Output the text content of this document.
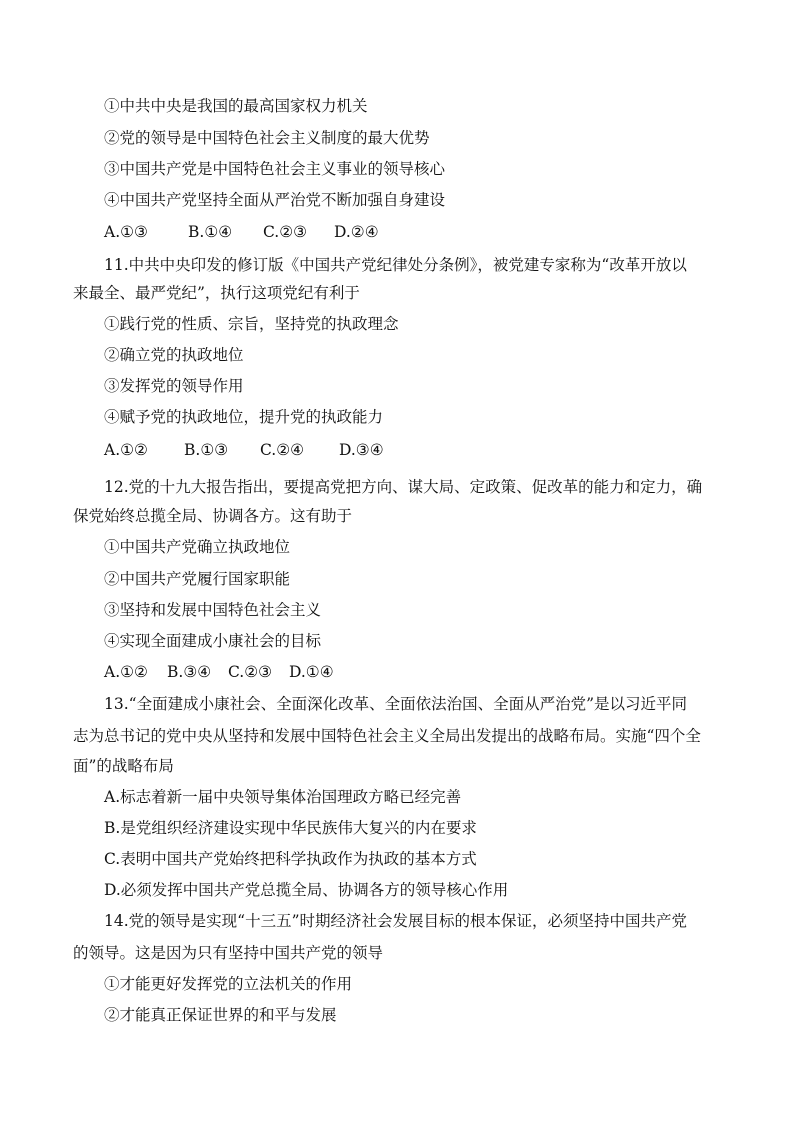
①中共中央是我国的最高国家权力机关
②党的领导是中国特色社会主义制度的最大优势
③中国共产党是中国特色社会主义事业的领导核心
④中国共产党坚持全面从严治党不断加强自身建设
A.①③	B.①④ C.②③ D.②④
11.中共中央印发的修订版《中国共产党纪律处分条例》，被党建专家称为“改革开放以
来最全、最严党纪”，执行这项党纪有利于
①践行党的性质、宗旨，坚持党的执政理念
②确立党的执政地位
③发挥党的领导作用
④赋予党的执政地位，提升党的执政能力
A.①② B.①③ C.②④ D.③④
12.党的十九大报告指出，要提高党把方向、谋大局、定政策、促改革的能力和定力，确
保党始终总揽全局、协调各方。这有助于
①中国共产党确立执政地位
②中国共产党履行国家职能
③坚持和发展中国特色社会主义
④实现全面建成小康社会的目标
A.①② B.③④ C.②③ D.①④
13.“全面建成小康社会、全面深化改革、全面依法治国、全面从严治党”是以习近平同
志为总书记的党中央从坚持和发展中国特色社会主义全局出发提出的战略布局。实施“四个全
面”的战略布局
A.标志着新一届中央领导集体治国理政方略已经完善
B.是党组织经济建设实现中华民族伟大复兴的内在要求
C.表明中国共产党始终把科学执政作为执政的基本方式
D.必须发挥中国共产党总揽全局、协调各方的领导核心作用
14.党的领导是实现“十三五”时期经济社会发展目标的根本保证，必须坚持中国共产党
的领导。这是因为只有坚持中国共产党的领导
①才能更好发挥党的立法机关的作用
②才能真正保证世界的和平与发展
